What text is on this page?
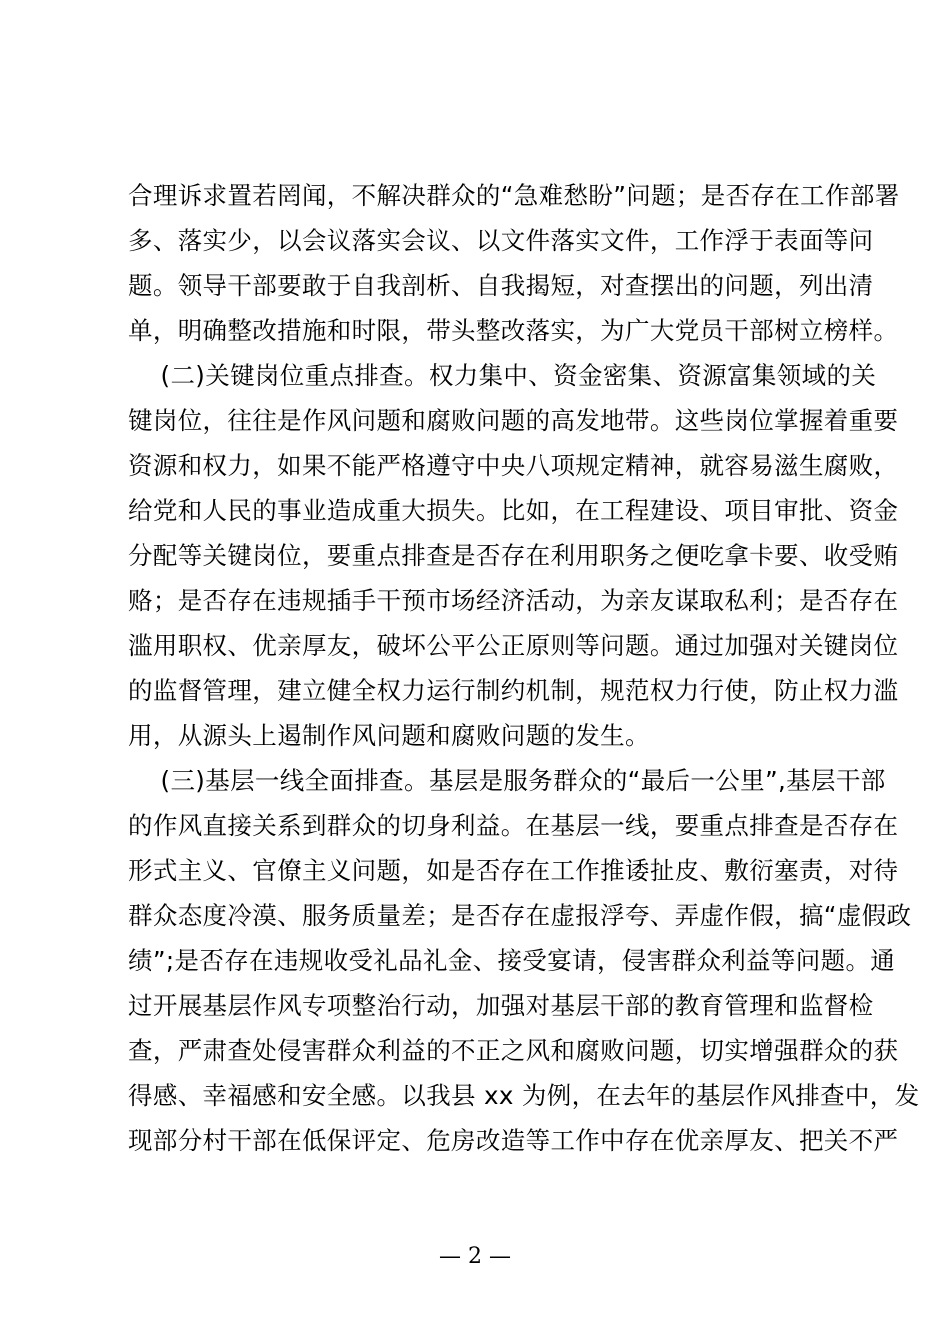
合理诉求置若罔闻，不解决群众的“急难愁盼”问题；是否存在工作部署
多、落实少，以会议落实会议、以文件落实文件，工作浮于表面等问
题。领导干部要敢于自我剖析、自我揭短，对查摆出的问题，列出清
单，明确整改措施和时限，带头整改落实，为广大党员干部树立榜样。
(二)关键岗位重点排查。权力集中、资金密集、资源富集领域的关
键岗位，往往是作风问题和腐败问题的高发地带。这些岗位掌握着重要
资源和权力，如果不能严格遵守中央八项规定精神，就容易滋生腐败，
给党和人民的事业造成重大损失。比如，在工程建设、项目审批、资金
分配等关键岗位，要重点排查是否存在利用职务之便吃拿卡要、收受贿
赂；是否存在违规插手干预市场经济活动，为亲友谋取私利；是否存在
滥用职权、优亲厚友，破坏公平公正原则等问题。通过加强对关键岗位
的监督管理，建立健全权力运行制约机制，规范权力行使，防止权力滥
用，从源头上遏制作风问题和腐败问题的发生。
(三)基层一线全面排查。基层是服务群众的“最后一公里”,基层干部
的作风直接关系到群众的切身利益。在基层一线，要重点排查是否存在
形式主义、官僚主义问题，如是否存在工作推诿扯皮、敷衍塞责，对待
群众态度冷漠、服务质量差；是否存在虚报浮夸、弄虚作假，搞“虚假政
绩”;是否存在违规收受礼品礼金、接受宴请，侵害群众利益等问题。通
过开展基层作风专项整治行动，加强对基层干部的教育管理和监督检
查，严肃查处侵害群众利益的不正之风和腐败问题，切实增强群众的获
得感、幸福感和安全感。以我县 xx 为例，在去年的基层作风排查中，发
现部分村干部在低保评定、危房改造等工作中存在优亲厚友、把关不严
— 2 —
